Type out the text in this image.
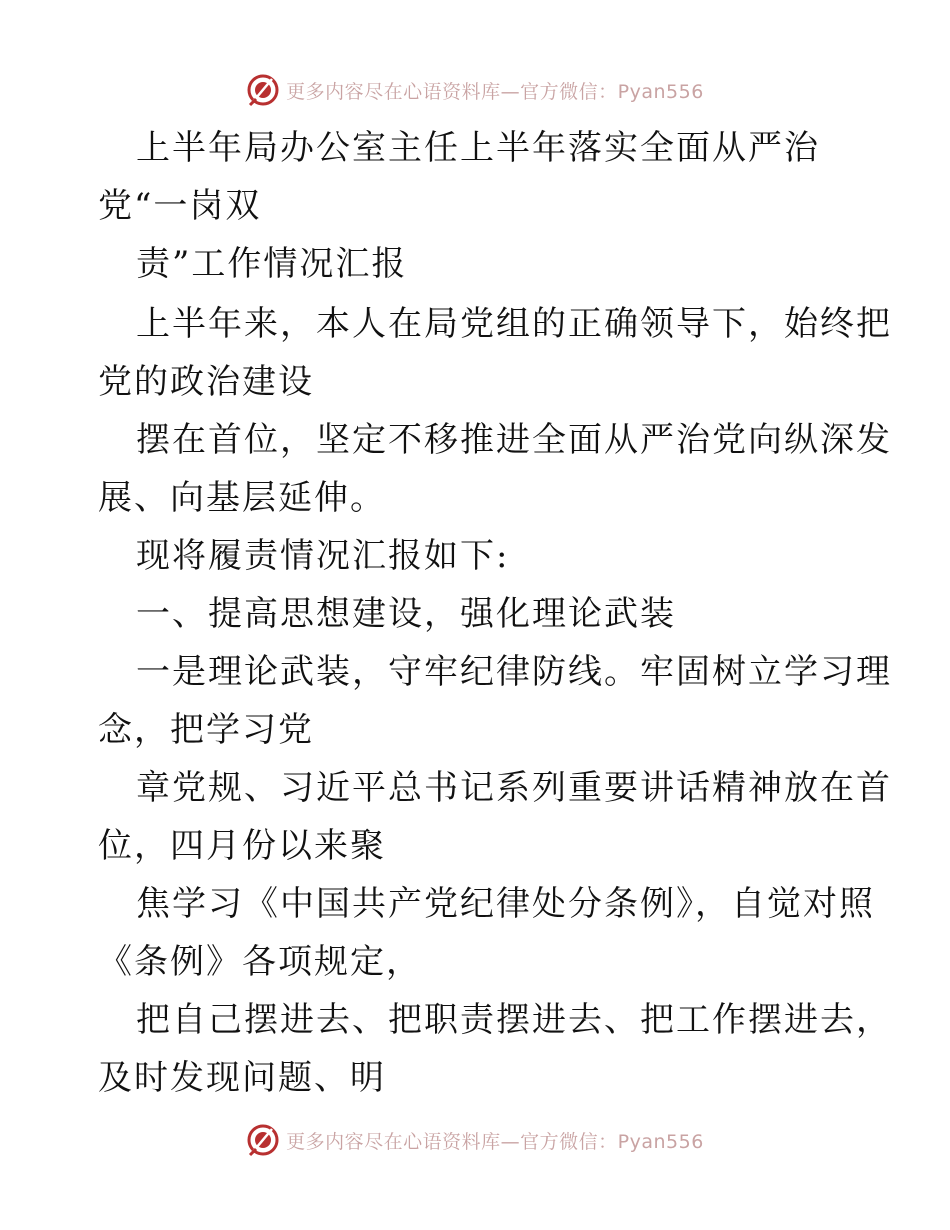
更多内容尽在心语资料库—官方微信：Pyan556
上半年局办公室主任上半年落实全面从严治
党“一岗双
责”工作情况汇报
上半年来，本人在局党组的正确领导下，始终把
党的政治建设
摆在首位，坚定不移推进全面从严治党向纵深发
展、向基层延伸。
现将履责情况汇报如下:
一、提高思想建设，强化理论武装
一是理论武装，守牢纪律防线。牢固树立学习理
念，把学习党
章党规、习近平总书记系列重要讲话精神放在首
位，四月份以来聚
焦学习《中国共产党纪律处分条例》，自觉对照
《条例》各项规定，
把自己摆进去、把职责摆进去、把工作摆进去，
及时发现问题、明
更多内容尽在心语资料库—官方微信：Pyan556
